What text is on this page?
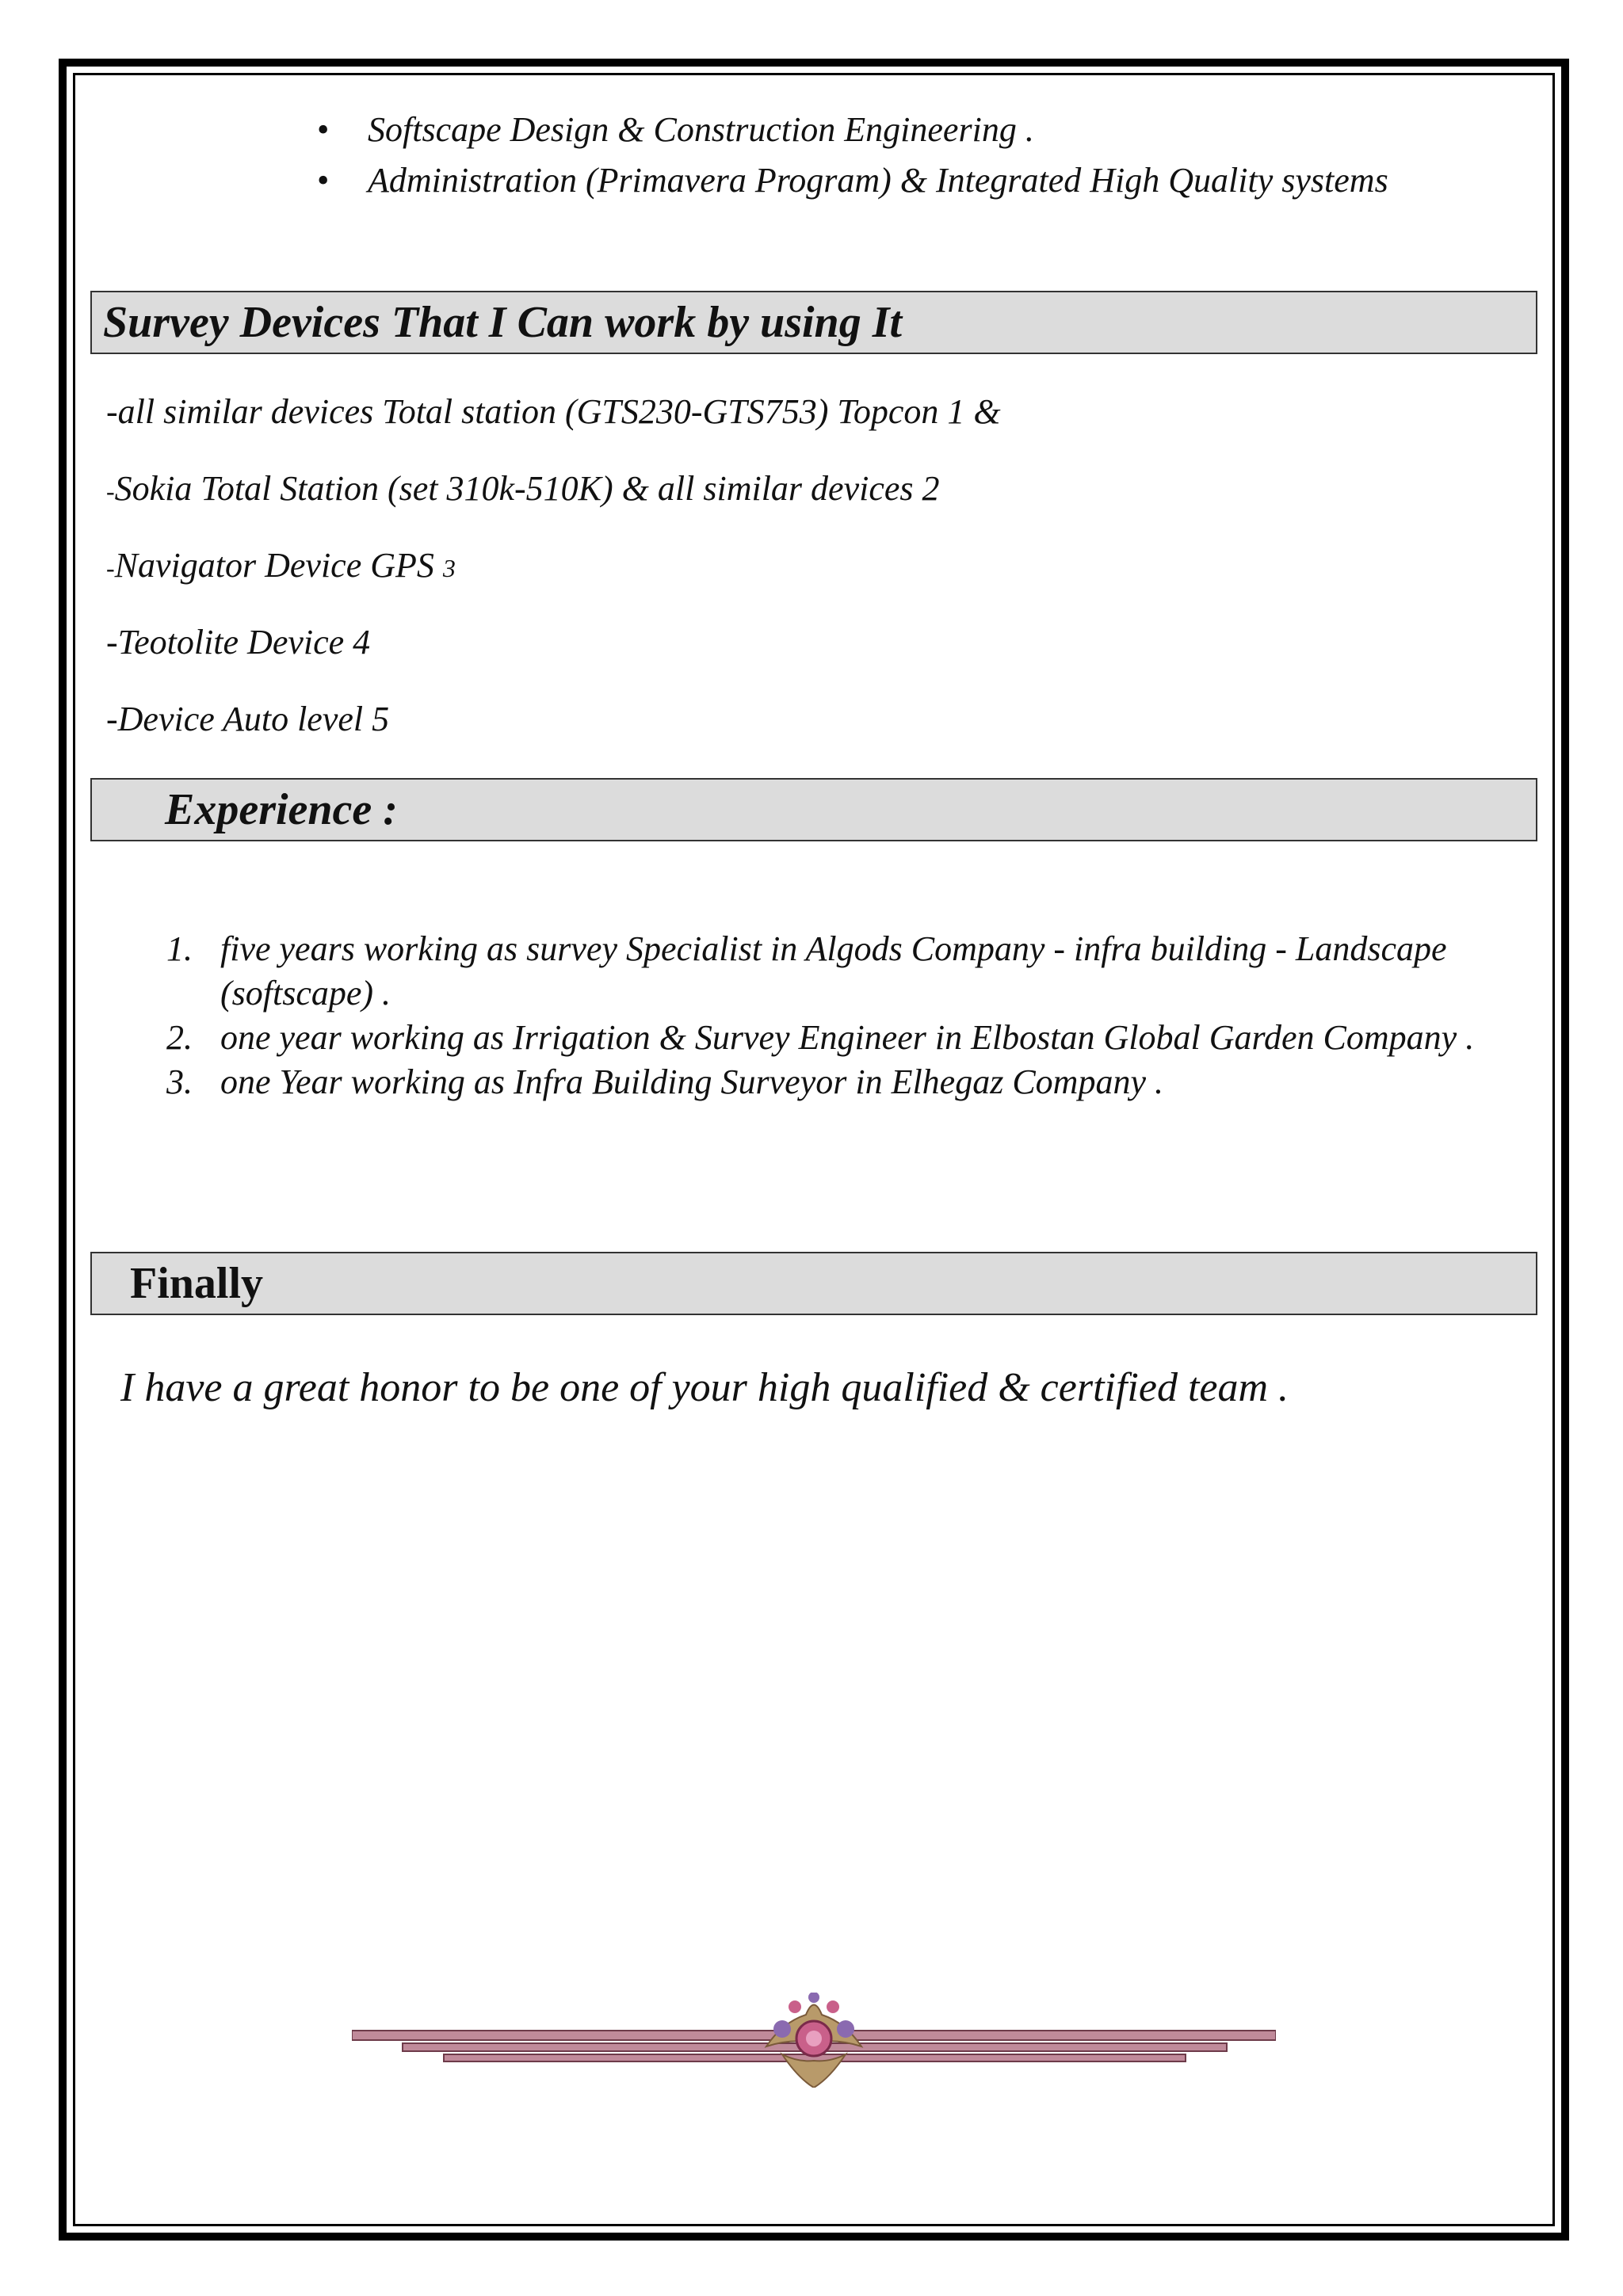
• Softscape Design & Construction Engineering .
• Administration (Primavera Program) & Integrated High Quality systems
Survey Devices That I Can work by using It
-all similar devices Total station (GTS230-GTS753) Topcon 1 &
-Sokia Total Station (set 310k-510K) & all similar devices 2
-Navigator Device GPS 3
-Teotolite Device 4
-Device Auto level 5
Experience :
1. five years working as survey Specialist in Algods Company - infra building - Landscape (softscape) .
2. one year working as Irrigation & Survey Engineer in Elbostan Global Garden Company .
3. one Year working as Infra Building Surveyor in Elhegaz Company .
Finally
I have a great honor to be one of your high qualified & certified team .
